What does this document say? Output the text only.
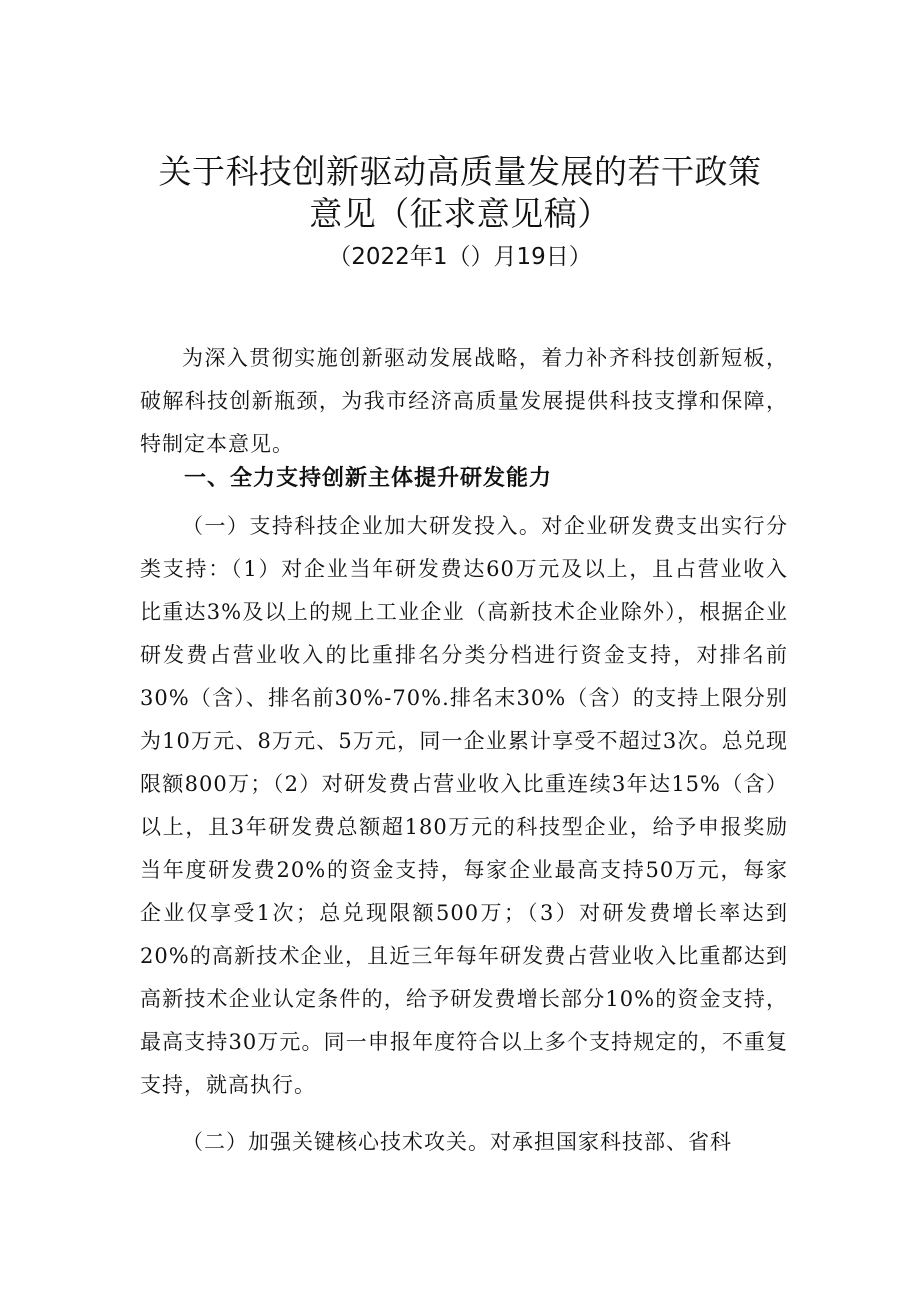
关于科技创新驱动高质量发展的若干政策
意见（征求意见稿）

（2022年1（）月19日）

为深入贯彻实施创新驱动发展战略，着力补齐科技创新短板，破解科技创新瓶颈，为我市经济高质量发展提供科技支撑和保障，特制定本意见。

一、全力支持创新主体提升研发能力

（一）支持科技企业加大研发投入。对企业研发费支出实行分类支持：（1）对企业当年研发费达60万元及以上，且占营业收入比重达3%及以上的规上工业企业（高新技术企业除外），根据企业研发费占营业收入的比重排名分类分档进行资金支持，对排名前30%（含）、排名前30%-70%.排名末30%（含）的支持上限分别为10万元、8万元、5万元，同一企业累计享受不超过3次。总兑现限额800万；（2）对研发费占营业收入比重连续3年达15%（含）以上，且3年研发费总额超180万元的科技型企业，给予申报奖励当年度研发费20%的资金支持，每家企业最高支持50万元，每家企业仅享受1次；总兑现限额500万；（3）对研发费增长率达到20%的高新技术企业，且近三年每年研发费占营业收入比重都达到高新技术企业认定条件的，给予研发费增长部分10%的资金支持，最高支持30万元。同一申报年度符合以上多个支持规定的，不重复支持，就高执行。

（二）加强关键核心技术攻关。对承担国家科技部、省科
